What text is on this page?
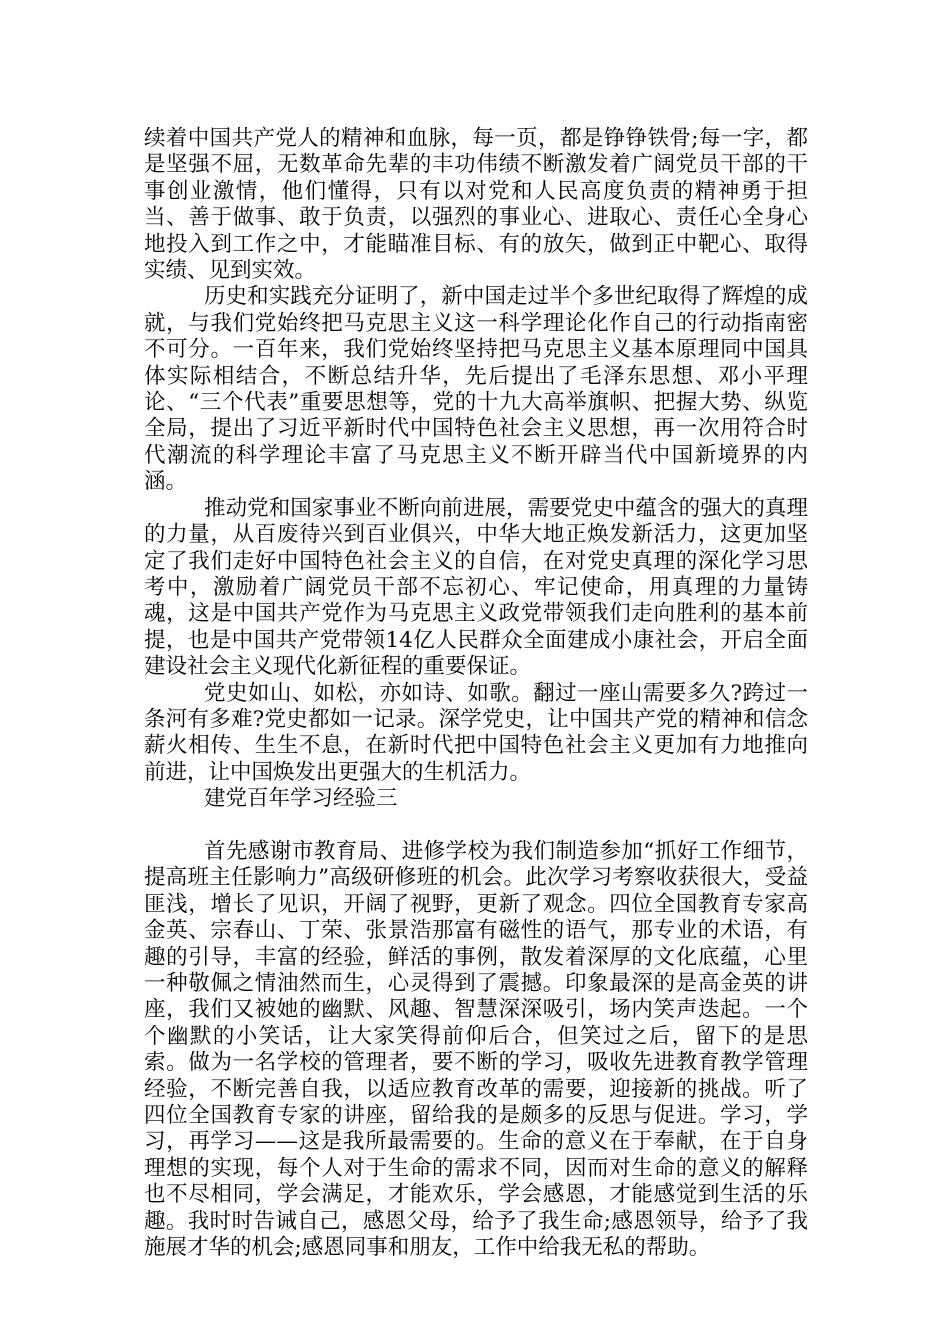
续着中国共产党人的精神和血脉，每一页，都是铮铮铁骨;每一字，都是坚强不屈，无数革命先辈的丰功伟绩不断激发着广阔党员干部的干事创业激情，他们懂得，只有以对党和人民高度负责的精神勇于担当、善于做事、敢于负责，以强烈的事业心、进取心、责任心全身心地投入到工作之中，才能瞄准目标、有的放矢，做到正中靶心、取得实绩、见到实效。

历史和实践充分证明了，新中国走过半个多世纪取得了辉煌的成就，与我们党始终把马克思主义这一科学理论化作自己的行动指南密不可分。一百年来，我们党始终坚持把马克思主义基本原理同中国具体实际相结合，不断总结升华，先后提出了毛泽东思想、邓小平理论、“三个代表”重要思想等，党的十九大高举旗帜、把握大势、纵览全局，提出了习近平新时代中国特色社会主义思想，再一次用符合时代潮流的科学理论丰富了马克思主义不断开辟当代中国新境界的内涵。

推动党和国家事业不断向前进展，需要党史中蕴含的强大的真理的力量，从百废待兴到百业俱兴，中华大地正焕发新活力，这更加坚定了我们走好中国特色社会主义的自信，在对党史真理的深化学习思考中，激励着广阔党员干部不忘初心、牢记使命，用真理的力量铸魂，这是中国共产党作为马克思主义政党带领我们走向胜利的基本前提，也是中国共产党带领14亿人民群众全面建成小康社会，开启全面建设社会主义现代化新征程的重要保证。

党史如山、如松，亦如诗、如歌。翻过一座山需要多久?跨过一条河有多难?党史都如一记录。深学党史，让中国共产党的精神和信念薪火相传、生生不息，在新时代把中国特色社会主义更加有力地推向前进，让中国焕发出更强大的生机活力。

建党百年学习经验三

首先感谢市教育局、进修学校为我们制造参加“抓好工作细节，提高班主任影响力”高级研修班的机会。此次学习考察收获很大，受益匪浅，增长了见识，开阔了视野，更新了观念。四位全国教育专家高金英、宗春山、丁荣、张景浩那富有磁性的语气，那专业的术语，有趣的引导，丰富的经验，鲜活的事例，散发着深厚的文化底蕴，心里一种敬佩之情油然而生，心灵得到了震撼。印象最深的是高金英的讲座，我们又被她的幽默、风趣、智慧深深吸引，场内笑声迭起。一个个幽默的小笑话，让大家笑得前仰后合，但笑过之后，留下的是思索。做为一名学校的管理者，要不断的学习，吸收先进教育教学管理经验，不断完善自我，以适应教育改革的需要，迎接新的挑战。听了四位全国教育专家的讲座，留给我的是颇多的反思与促进。学习，学习，再学习——这是我所最需要的。生命的意义在于奉献，在于自身理想的实现，每个人对于生命的需求不同，因而对生命的意义的解释也不尽相同，学会满足，才能欢乐，学会感恩，才能感觉到生活的乐趣。我时时告诫自己，感恩父母，给予了我生命;感恩领导，给予了我施展才华的机会;感恩同事和朋友，工作中给我无私的帮助。
